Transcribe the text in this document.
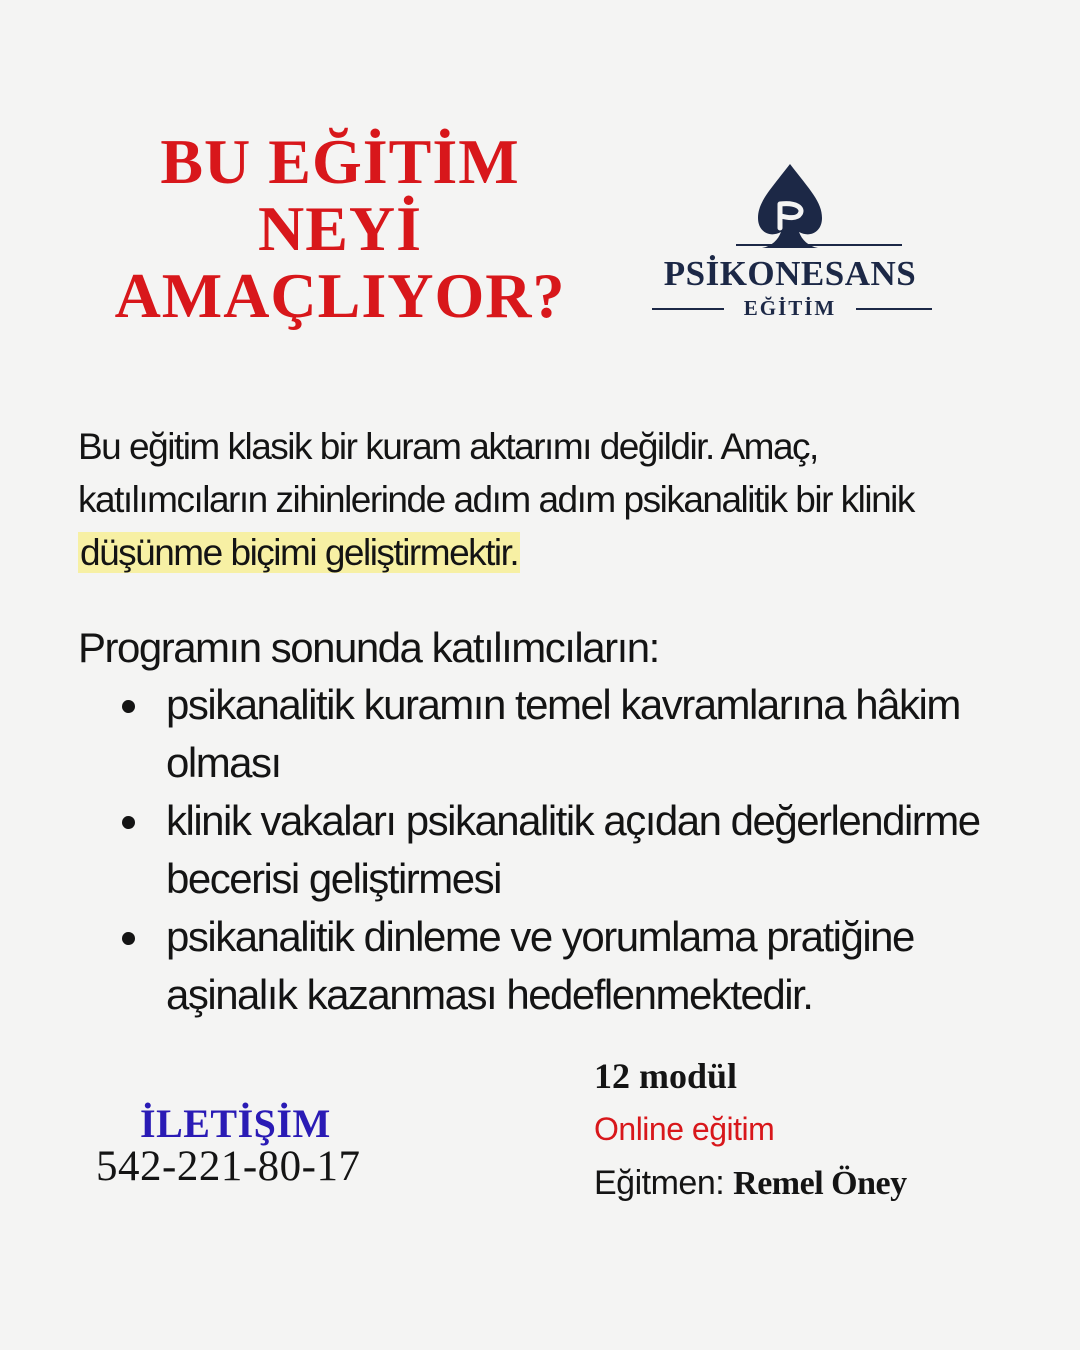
BU EĞİTİM
NEYİ
AMAÇLIYOR?	PSİKONESANS
EĞİTİM
Bu eğitim klasik bir kuram aktarımı değildir. Amaç, katılımcıların zihinlerinde adım adım psikanalitik bir klinik düşünme biçimi geliştirmektir.
Programın sonunda katılımcıların:
psikanalitik kuramın temel kavramlarına hâkim olması
klinik vakaları psikanalitik açıdan değerlendirme becerisi geliştirmesi
psikanalitik dinleme ve yorumlama pratiğine aşinalık kazanması hedeflenmektedir.
İLETİŞİM
542-221-80-17
12 modül
Online eğitim
Eğitmen: Remel Öney
